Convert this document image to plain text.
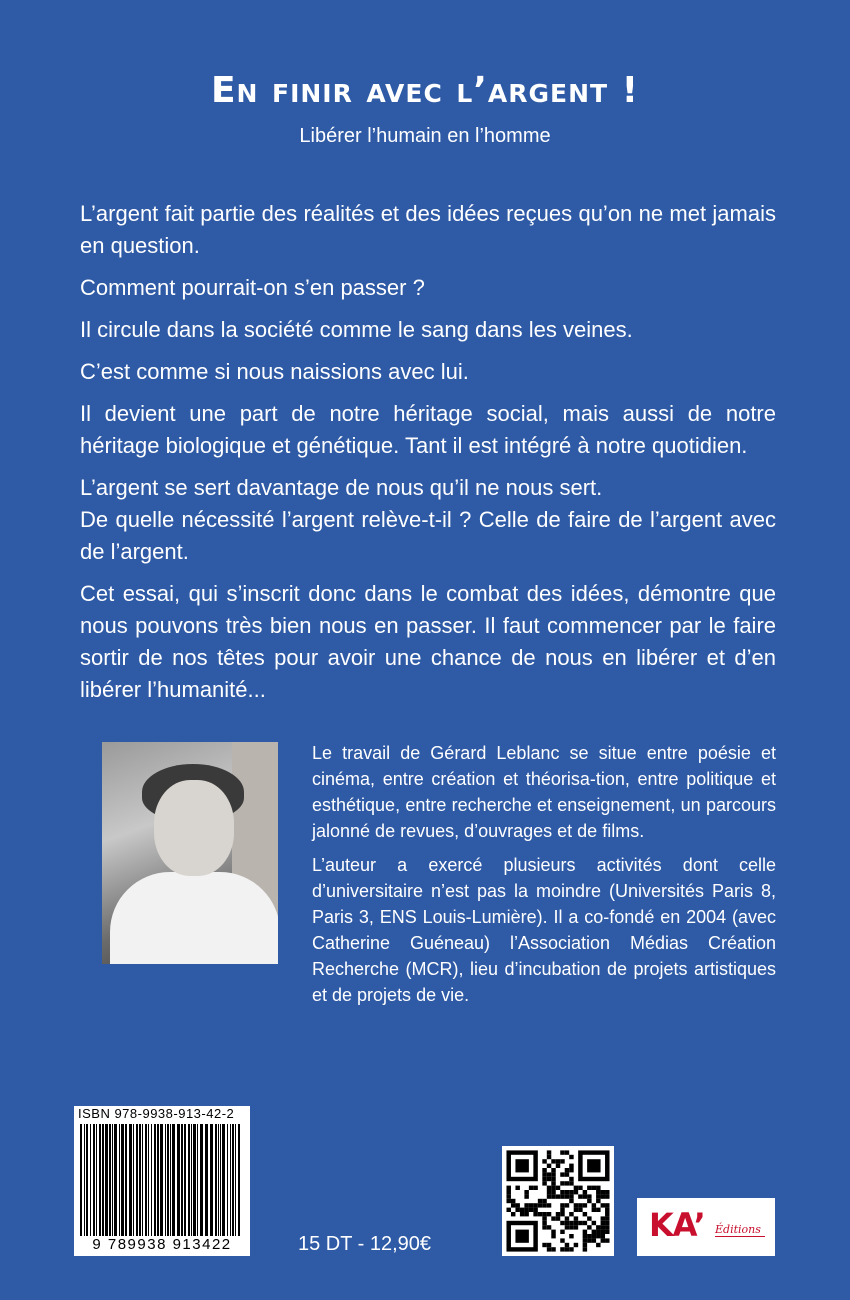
En finir avec l’argent !
Libérer l’humain en l’homme

L’argent fait partie des réalités et des idées reçues qu’on ne met jamais en question.

Comment pourrait-on s’en passer ?

Il circule dans la société comme le sang dans les veines.

C’est comme si nous naissions avec lui.

Il devient une part de notre héritage social, mais aussi de notre héritage biologique et génétique. Tant il est intégré à notre quotidien.

L’argent se sert davantage de nous qu’il ne nous sert.

De quelle nécessité l’argent relève-t-il ? Celle de faire de l’argent avec de l’argent.

Cet essai, qui s’inscrit donc dans le combat des idées, démontre que nous pouvons très bien nous en passer. Il faut commencer par le faire sortir de nos têtes pour avoir une chance de nous en libérer et d’en libérer l’humanité...

Le travail de Gérard Leblanc se situe entre poésie et cinéma, entre création et théorisa-tion, entre politique et esthétique, entre recherche et enseignement, un parcours jalonné de revues, d’ouvrages et de films.

L’auteur a exercé plusieurs activités dont celle d’universitaire n’est pas la moindre (Universités Paris 8, Paris 3, ENS Louis-Lumière). Il a co-fondé en 2004 (avec Catherine Guéneau) l’Association Médias Création Recherche (MCR), lieu d’incubation de projets artistiques et de projets de vie.

ISBN 978-9938-913-42-2
9 789938 913422	15 DT - 12,90€	KA’ Éditions
